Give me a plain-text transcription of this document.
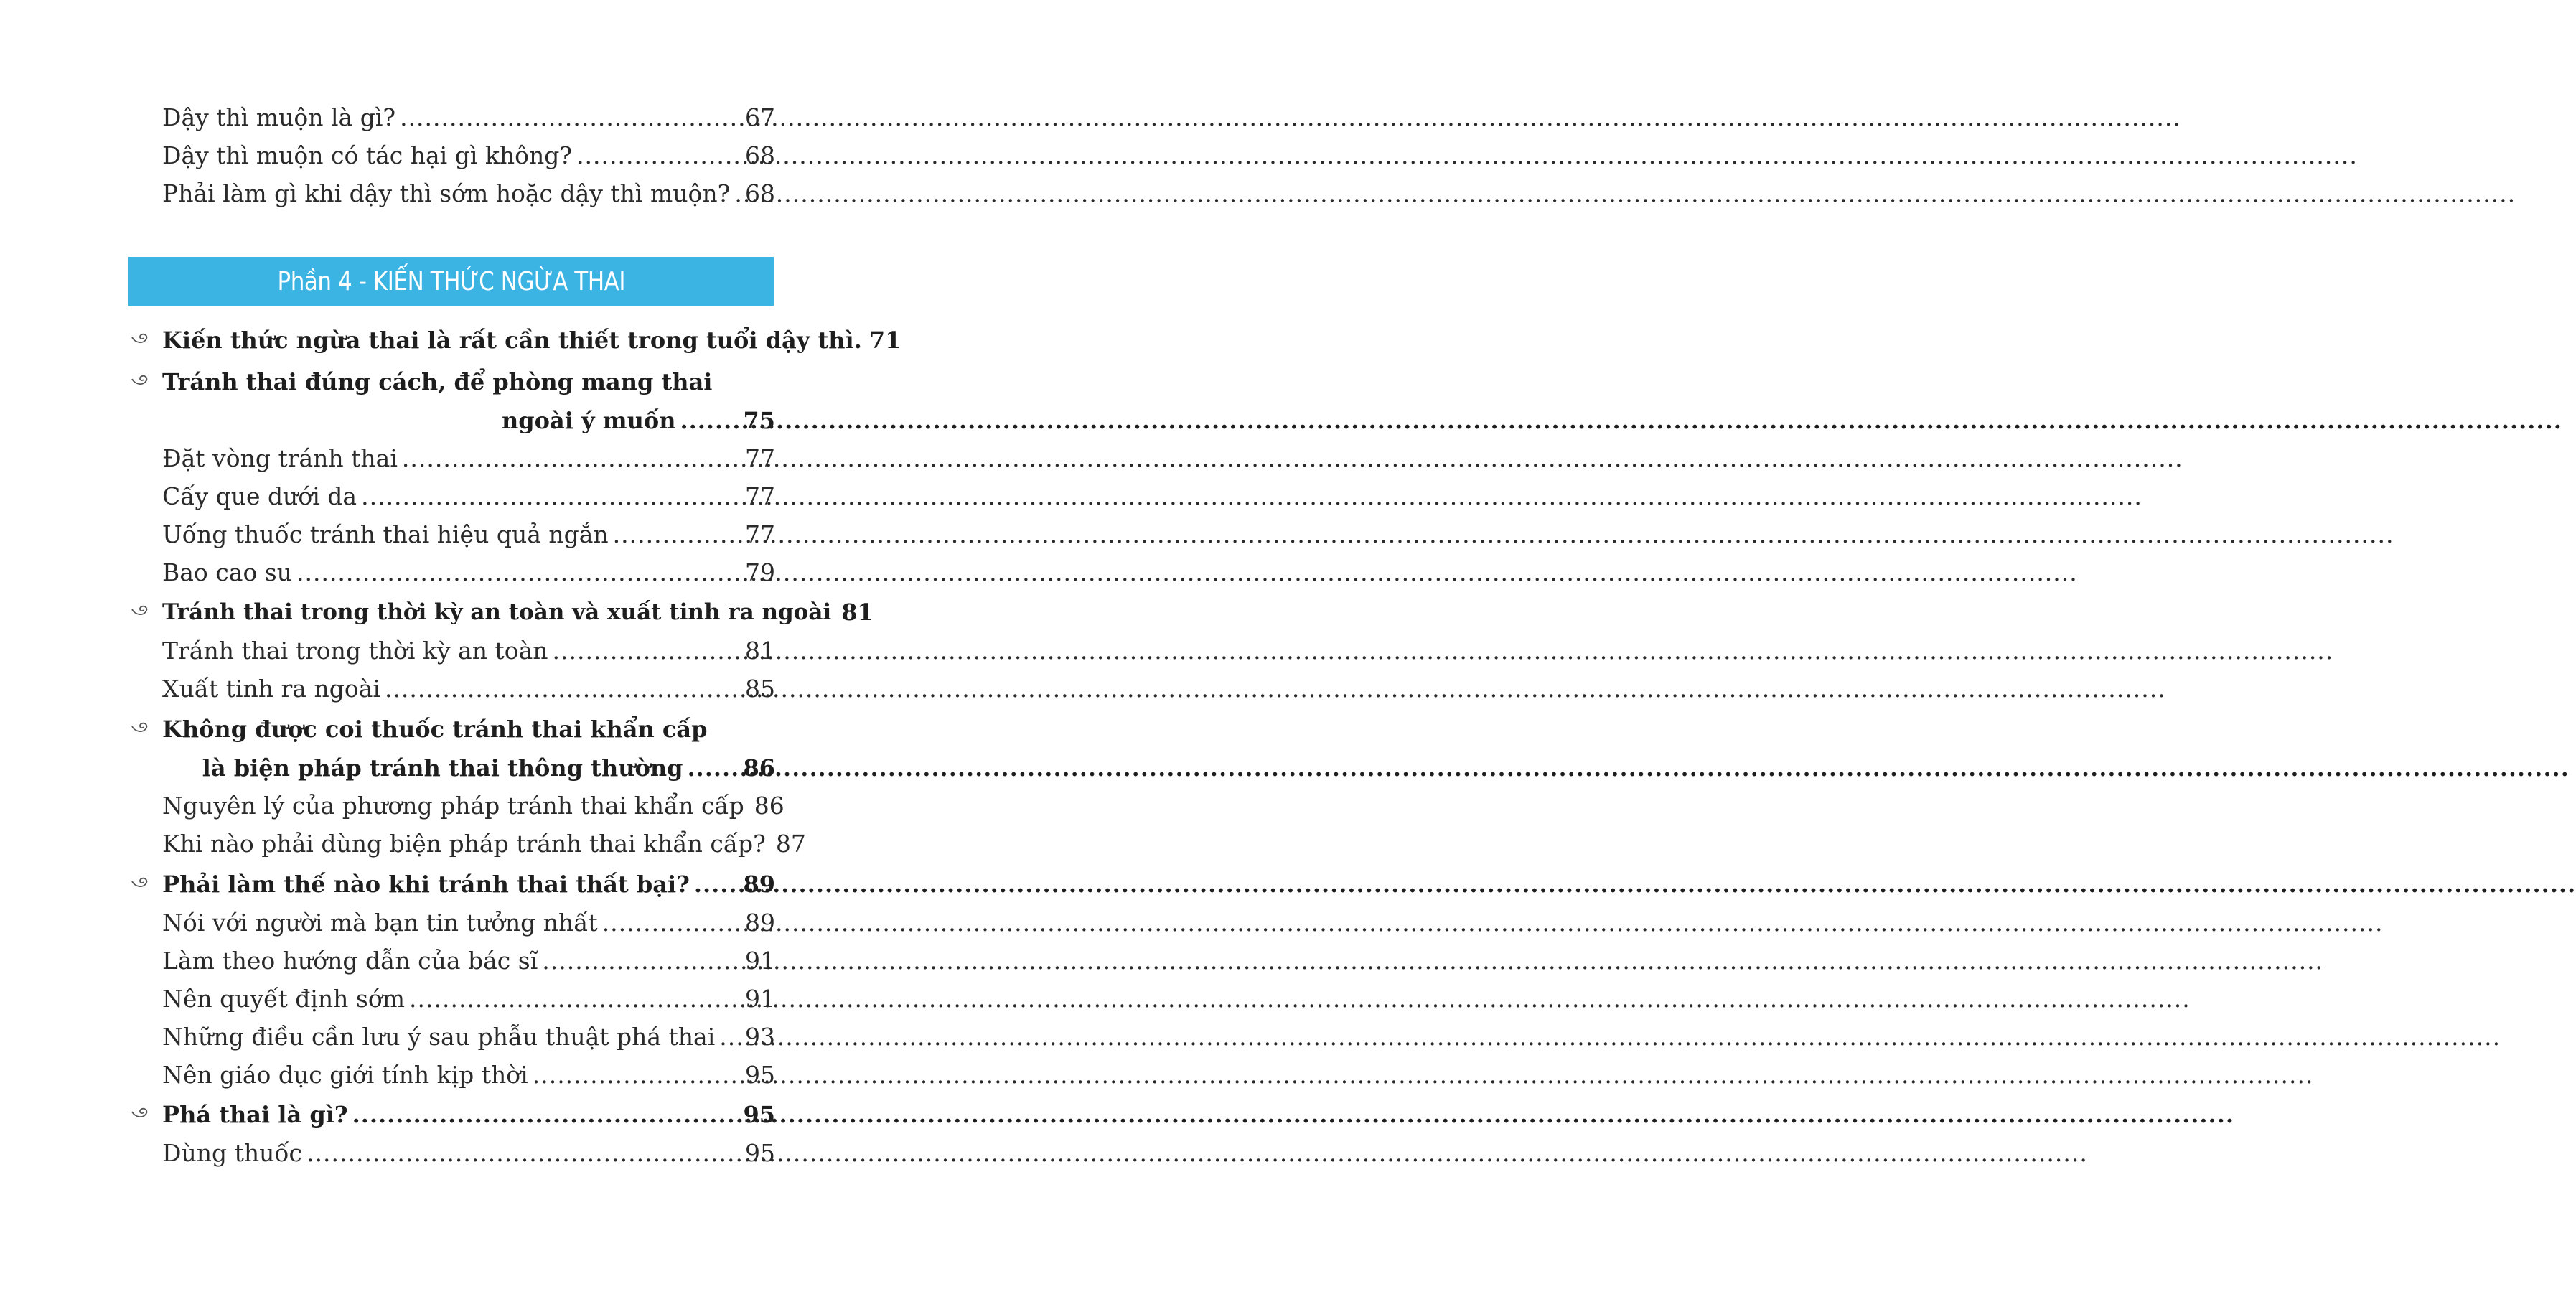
Dậy thì muộn là gì? .....	67
Dậy thì muộn có tác hại gì không? .....	68
Phải làm gì khi dậy thì sớm hoặc dậy thì muộn? ..... 68
Phần 4 - KIẾN THỨC NGỪA THAI
Kiến thức ngừa thai là rất cần thiết trong tuổi dậy thì. 71
Tránh thai đúng cách, để phòng mang thai
ngoài ý muốn .....	75
Đặt vòng tránh thai .....	77
Cấy que dưới da .....	77
Uống thuốc tránh thai hiệu quả ngắn .....	77
Bao cao su .....	79
Tránh thai trong thời kỳ an toàn và xuất tinh ra ngoài 81
Tránh thai trong thời kỳ an toàn .....	81
Xuất tinh ra ngoài .....	85
Không được coi thuốc tránh thai khẩn cấp
là biện pháp tránh thai thông thường .....	86
Nguyên lý của phương pháp tránh thai khẩn cấp 86
Khi nào phải dùng biện pháp tránh thai khẩn cấp? 87
Phải làm thế nào khi tránh thai thất bại? ..... 89
Nói với người mà bạn tin tưởng nhất .....	89
Làm theo hướng dẫn của bác sĩ .....	91
Nên quyết định sớm .....	91
Những điều cần lưu ý sau phẫu thuật phá thai ..... 93
Nên giáo dục giới tính kịp thời .....	95
Phá thai là gì? .....	95
Dùng thuốc .....	95
